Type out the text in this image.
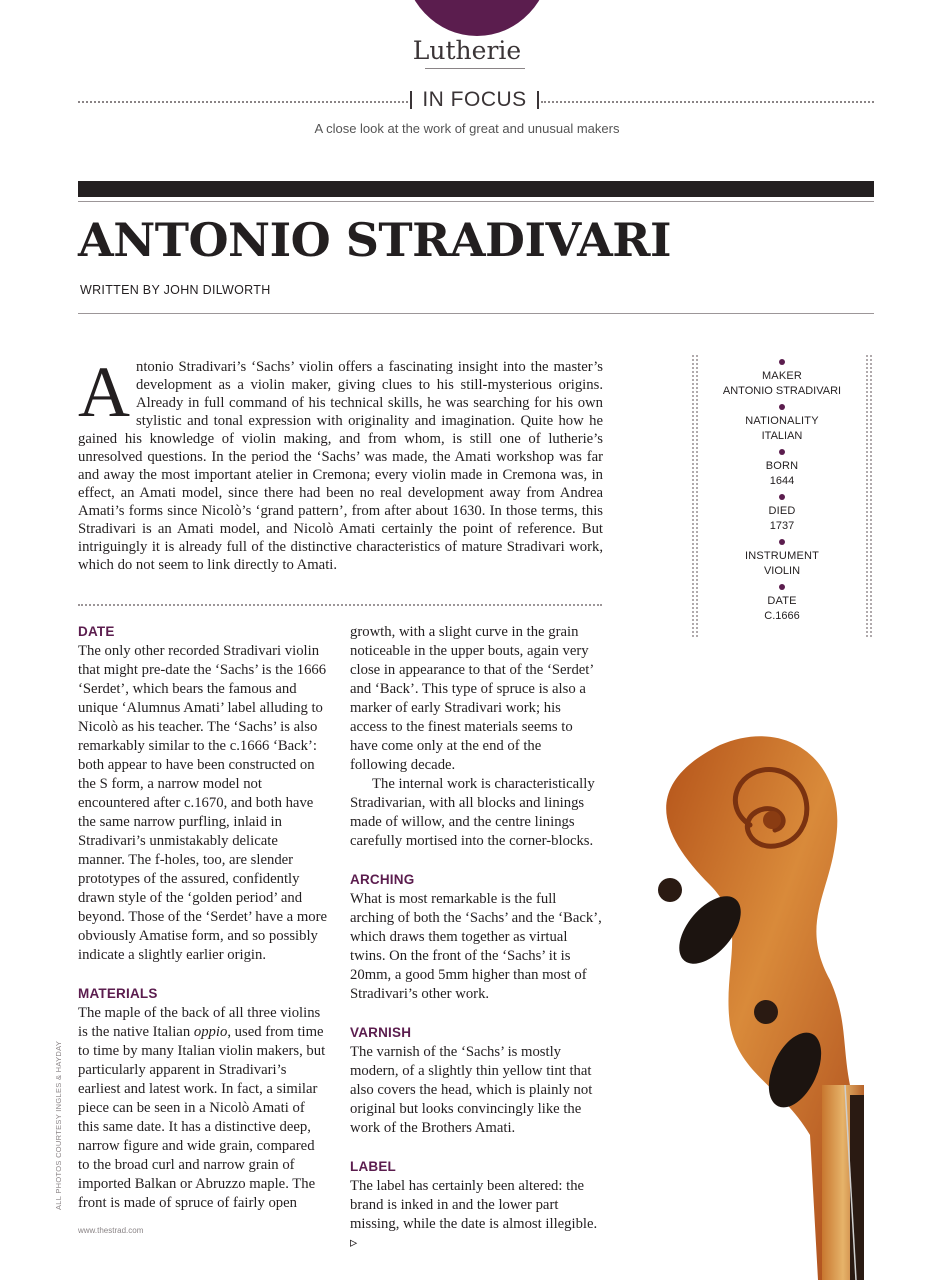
Lutherie
IN FOCUS
A close look at the work of great and unusual makers
ANTONIO STRADIVARI
WRITTEN BY JOHN DILWORTH
Antonio Stradivari’s ‘Sachs’ violin offers a fascinating insight into the master’s development as a violin maker, giving clues to his still-mysterious origins. Already in full command of his technical skills, he was searching for his own stylistic and tonal expression with originality and imagination. Quite how he gained his knowledge of violin making, and from whom, is still one of lutherie’s unresolved questions. In the period the ‘Sachs’ was made, the Amati workshop was far and away the most important atelier in Cremona; every violin made in Cremona was, in effect, an Amati model, since there had been no real development away from Andrea Amati’s forms since Nicolò’s ‘grand pattern’, from after about 1630. In those terms, this Stradivari is an Amati model, and Nicolò Amati certainly the point of reference. But intriguingly it is already full of the distinctive characteristics of mature Stradivari work, which do not seem to link directly to Amati.
MAKER
ANTONIO STRADIVARI
NATIONALITY
ITALIAN
BORN
1644
DIED
1737
INSTRUMENT
VIOLIN
DATE
C.1666
DATE

The only other recorded Stradivari violin that might pre-date the ‘Sachs’ is the 1666 ‘Serdet’, which bears the famous and unique ‘Alumnus Amati’ label alluding to Nicolò as his teacher. The ‘Sachs’ is also remarkably similar to the c.1666 ‘Back’: both appear to have been constructed on the S form, a narrow model not encountered after c.1670, and both have the same narrow purfling, inlaid in Stradivari’s unmistakably delicate manner. The f-holes, too, are slender prototypes of the assured, confidently drawn style of the ‘golden period’ and beyond. Those of the ‘Serdet’ have a more obviously Amatise form, and so possibly indicate a slightly earlier origin.

MATERIALS

The maple of the back of all three violins is the native Italian oppio, used from time to time by many Italian violin makers, but particularly apparent in Stradivari’s earliest and latest work. In fact, a similar piece can be seen in a Nicolò Amati of this same date. It has a distinctive deep, narrow figure and wide grain, compared to the broad curl and narrow grain of imported Balkan or Abruzzo maple. The front is made of spruce of fairly open

growth, with a slight curve in the grain noticeable in the upper bouts, again very close in appearance to that of the ‘Serdet’ and ‘Back’. This type of spruce is also a marker of early Stradivari work; his access to the finest materials seems to have come only at the end of the following decade.

The internal work is characteristically Stradivarian, with all blocks and linings made of willow, and the centre linings carefully mortised into the corner-blocks.

ARCHING

What is most remarkable is the full arching of both the ‘Sachs’ and the ‘Back’, which draws them together as virtual twins. On the front of the ‘Sachs’ it is 20mm, a good 5mm higher than most of Stradivari’s other work.

VARNISH

The varnish of the ‘Sachs’ is mostly modern, of a slightly thin yellow tint that also covers the head, which is plainly not original but looks convincingly like the work of the Brothers Amati.

LABEL

The label has certainly been altered: the brand is inked in and the lower part missing, while the date is almost illegible. ▹

ALL PHOTOS COURTESY INGLES & HAYDAY
www.thestrad.com
